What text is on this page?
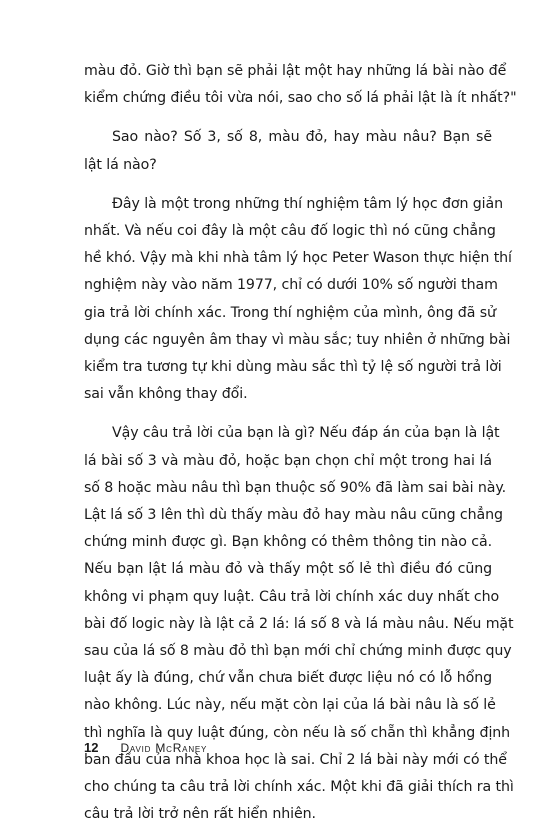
màu đỏ. Giờ thì bạn sẽ phải lật một hay những lá bài nào để
kiểm chứng điều tôi vừa nói, sao cho số lá phải lật là ít nhất?"
Sao nào? Số 3, số 8, màu đỏ, hay màu nâu? Bạn sẽ
lật lá nào?
Đây là một trong những thí nghiệm tâm lý học đơn giản
nhất. Và nếu coi đây là một câu đố logic thì nó cũng chẳng
hề khó. Vậy mà khi nhà tâm lý học Peter Wason thực hiện thí
nghiệm này vào năm 1977, chỉ có dưới 10% số người tham
gia trả lời chính xác. Trong thí nghiệm của mình, ông đã sử
dụng các nguyên âm thay vì màu sắc; tuy nhiên ở những bài
kiểm tra tương tự khi dùng màu sắc thì tỷ lệ số người trả lời
sai vẫn không thay đổi.
Vậy câu trả lời của bạn là gì? Nếu đáp án của bạn là lật
lá bài số 3 và màu đỏ, hoặc bạn chọn chỉ một trong hai lá
số 8 hoặc màu nâu thì bạn thuộc số 90% đã làm sai bài này.
Lật lá số 3 lên thì dù thấy màu đỏ hay màu nâu cũng chẳng
chứng minh được gì. Bạn không có thêm thông tin nào cả.
Nếu bạn lật lá màu đỏ và thấy một số lẻ thì điều đó cũng
không vi phạm quy luật. Câu trả lời chính xác duy nhất cho
bài đố logic này là lật cả 2 lá: lá số 8 và lá màu nâu. Nếu mặt
sau của lá số 8 màu đỏ thì bạn mới chỉ chứng minh được quy
luật ấy là đúng, chứ vẫn chưa biết được liệu nó có lỗ hổng
nào không. Lúc này, nếu mặt còn lại của lá bài nâu là số lẻ
thì nghĩa là quy luật đúng, còn nếu là số chẵn thì khẳng định
ban đầu của nhà khoa học là sai. Chỉ 2 lá bài này mới có thể
cho chúng ta câu trả lời chính xác. Một khi đã giải thích ra thì
câu trả lời trở nên rất hiển nhiên.
12 David McRaney
